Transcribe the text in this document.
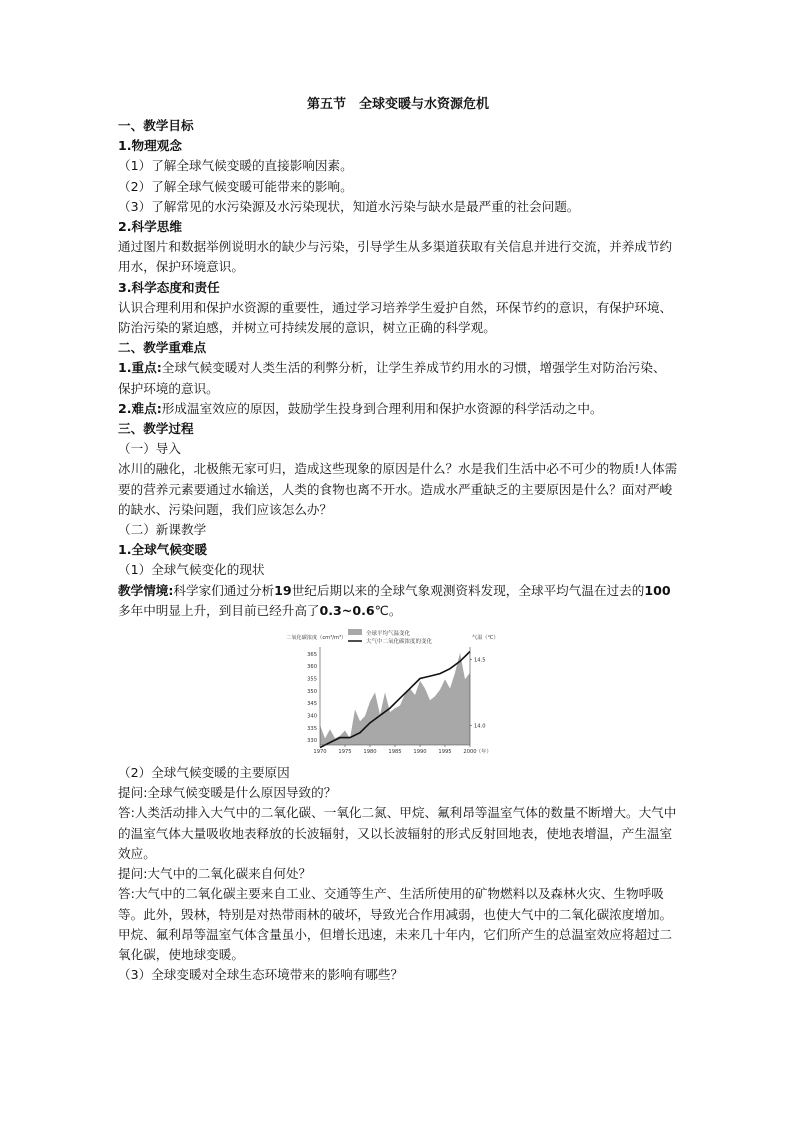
第五节　全球变暖与水资源危机

一、教学目标

1.物理观念

（1）了解全球气候变暖的直接影响因素。

（2）了解全球气候变暖可能带来的影响。

（3）了解常见的水污染源及水污染现状，知道水污染与缺水是最严重的社会问题。

2.科学思维

通过图片和数据举例说明水的缺少与污染，引导学生从多渠道获取有关信息并进行交流，并养成节约用水，保护环境意识。

3.科学态度和责任

认识合理利用和保护水资源的重要性，通过学习培养学生爱护自然，环保节约的意识，有保护环境、防治污染的紧迫感，并树立可持续发展的意识，树立正确的科学观。

二、教学重难点

1.重点:全球气候变暖对人类生活的利弊分析，让学生养成节约用水的习惯，增强学生对防治污染、保护环境的意识。

2.难点:形成温室效应的原因，鼓励学生投身到合理利用和保护水资源的科学活动之中。

三、教学过程

（一）导入

冰川的融化，北极熊无家可归，造成这些现象的原因是什么？水是我们生活中必不可少的物质!人体需要的营养元素要通过水输送，人类的食物也离不开水。造成水严重缺乏的主要原因是什么？面对严峻的缺水、污染问题，我们应该怎么办？

（二）新课教学

1.全球气候变暖

（1）全球气候变化的现状

教学情境:科学家们通过分析19世纪后期以来的全球气象观测资料发现，全球平均气温在过去的100多年中明显上升，到目前已经升高了0.3~0.6℃。

全球平均气温变化
大气中二氧化碳浓度的变化
二氧化碳浓度（cm³/m³）	气温（℃）
330
335
340
345
350
355
360
365
14.0
14.5
1970 1975 1980 1985 1990 1995 2000 （年）

（2）全球气候变暖的主要原因

提问:全球气候变暖是什么原因导致的？

答:人类活动排入大气中的二氧化碳、一氧化二氮、甲烷、氟利昂等温室气体的数量不断增大。大气中的温室气体大量吸收地表释放的长波辐射，又以长波辐射的形式反射回地表，使地表增温，产生温室效应。

提问:大气中的二氧化碳来自何处？

答:大气中的二氧化碳主要来自工业、交通等生产、生活所使用的矿物燃料以及森林火灾、生物呼吸等。此外，毁林，特别是对热带雨林的破坏，导致光合作用减弱，也使大气中的二氧化碳浓度增加。甲烷、氟利昂等温室气体含量虽小，但增长迅速，未来几十年内，它们所产生的总温室效应将超过二氧化碳，使地球变暖。

（3）全球变暖对全球生态环境带来的影响有哪些？
